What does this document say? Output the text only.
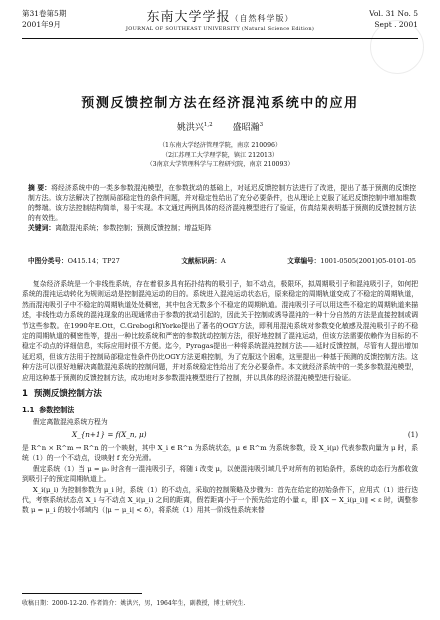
第31卷第5期
2001年9月	东南大学学报（自然科学版）
JOURNAL OF SOUTHEAST UNIVERSITY (Natural Science Edition)
Vol. 31 No. 5
Sept . 2001
预测反馈控制方法在经济混沌系统中的应用
姚洪兴$^{1,2}$ 盛昭瀚$^3$
（1东南大学经济管理学院，南京 210096）
（2江苏理工大学理学院，镇江 212013）
（3南京大学管理科学与工程研究院，南京 210093）
摘 要：将经济系统中的一类多参数混沌模型，在参数扰动的基础上，对延迟反馈控制方法进行了改进，提出了基于预测的反馈控制方法。该方法解决了控制局部稳定性的条件问题，并对稳定性给出了充分必要条件，也从理论上克服了延迟反馈控制中增加维数的弊端。该方法控制结构简单，易于实现。本文通过两例具体的经济混沌模型进行了验证，仿真结果表明基于预测的反馈控制方法的有效性。
关键词：离散混沌系统；参数控制；预测反馈控制；增益矩阵
中图分类号：O415.14；TP27	文献标识码：A	文章编号：1001-0505(2001)05-0101-05

复杂经济系统是一个非线性系统，存在着很多具有拓扑结构的吸引子，如不动点，极限环，拟周期吸引子和混沌吸引子，如何把系统的混沌运动转化为规则运动是控制混沌运动的目的。系统进入混沌运动状态后，原来稳定的周期轨道变成了不稳定的周期轨道，然而混沌吸引子中不稳定的周期轨道处处稠密，其中包含无数多个不稳定的周期轨道。混沌吸引子可以用这些不稳定的周期轨道来描述，非线性动力系统的混沌现象的出现通常由于参数的扰动引起的，因此关于控制或诱导混沌的一种十分自然的方法是直接控制或调节这些参数。在1990年E.Ott，C.Grebogi和Yorke提出了著名的OGY方法，即利用混沌系统对参数变化敏感及混沌吸引子的不稳定的周期轨道的稠密性等，提出一种比较系统和严密的参数扰动控制方法，很好地控制了混沌运动，但该方法需要依赖作为目标的不稳定不动点的详细信息，实际应用时很不方便。迄今，Pyragas提出一种将系统混沌控制方法——延时反馈控制，尽管有人提出增加延迟项，但该方法用于控制局部稳定性条件仍比OGY方法更难控制，为了克服这个困难，这里提出一种基于预测的反馈控制方法。这种方法可以很好地解决离散混沌系统的控制问题，并对系统稳定性给出了充分必要条件。本文就经济系统中的一类多参数混沌模型，应用这种基于预测的反馈控制方法，成功地对多参数混沌模型进行了控制，并以具体的经济混沌模型进行验证。

1 预测反馈控制方法
1.1 参数控制法

假定离散混沌系统方程为

X_{n+1} = f(X_n, μ)	(1)

是 R^n × R^m → R^n 的一个映射，其中 X_i ∈ R^n 为系统状态，μ ∈ R^m 为系统参数，设 X_i(μ) 代表参数向量为 μ 时，系统（1）的一个不动点，设映射 f 充分光滑。

假定系统（1）当 μ = μ₀ 时含有一混沌吸引子，将随 i 改变 μ，以使混沌吸引域几乎对所有的初始条件，系统的动态行为都收敛到吸引子的预定周期轨道上。

X_i(μ_i) 为控制参数为 μ_i 时，系统（1）的不动点，采取的控制策略及步骤为：首先在给定的初始条件下，应用式（1）进行迭代，考察系统状态点 X_i 与不动点 X_i(μ_i) 之间的距离，假若距离小于一个预先给定的小量 ε，即 ‖X − X_i(μ_i)‖ < ε 时，调整参数 μ = μ_i 的较小邻域内（|μ − μ_i| < δ），将系统（1）用其一阶线性系统来替

收稿日期：2000-12-20. 作者简介：姚洪兴，男，1964年生，副教授，博士研究生.
